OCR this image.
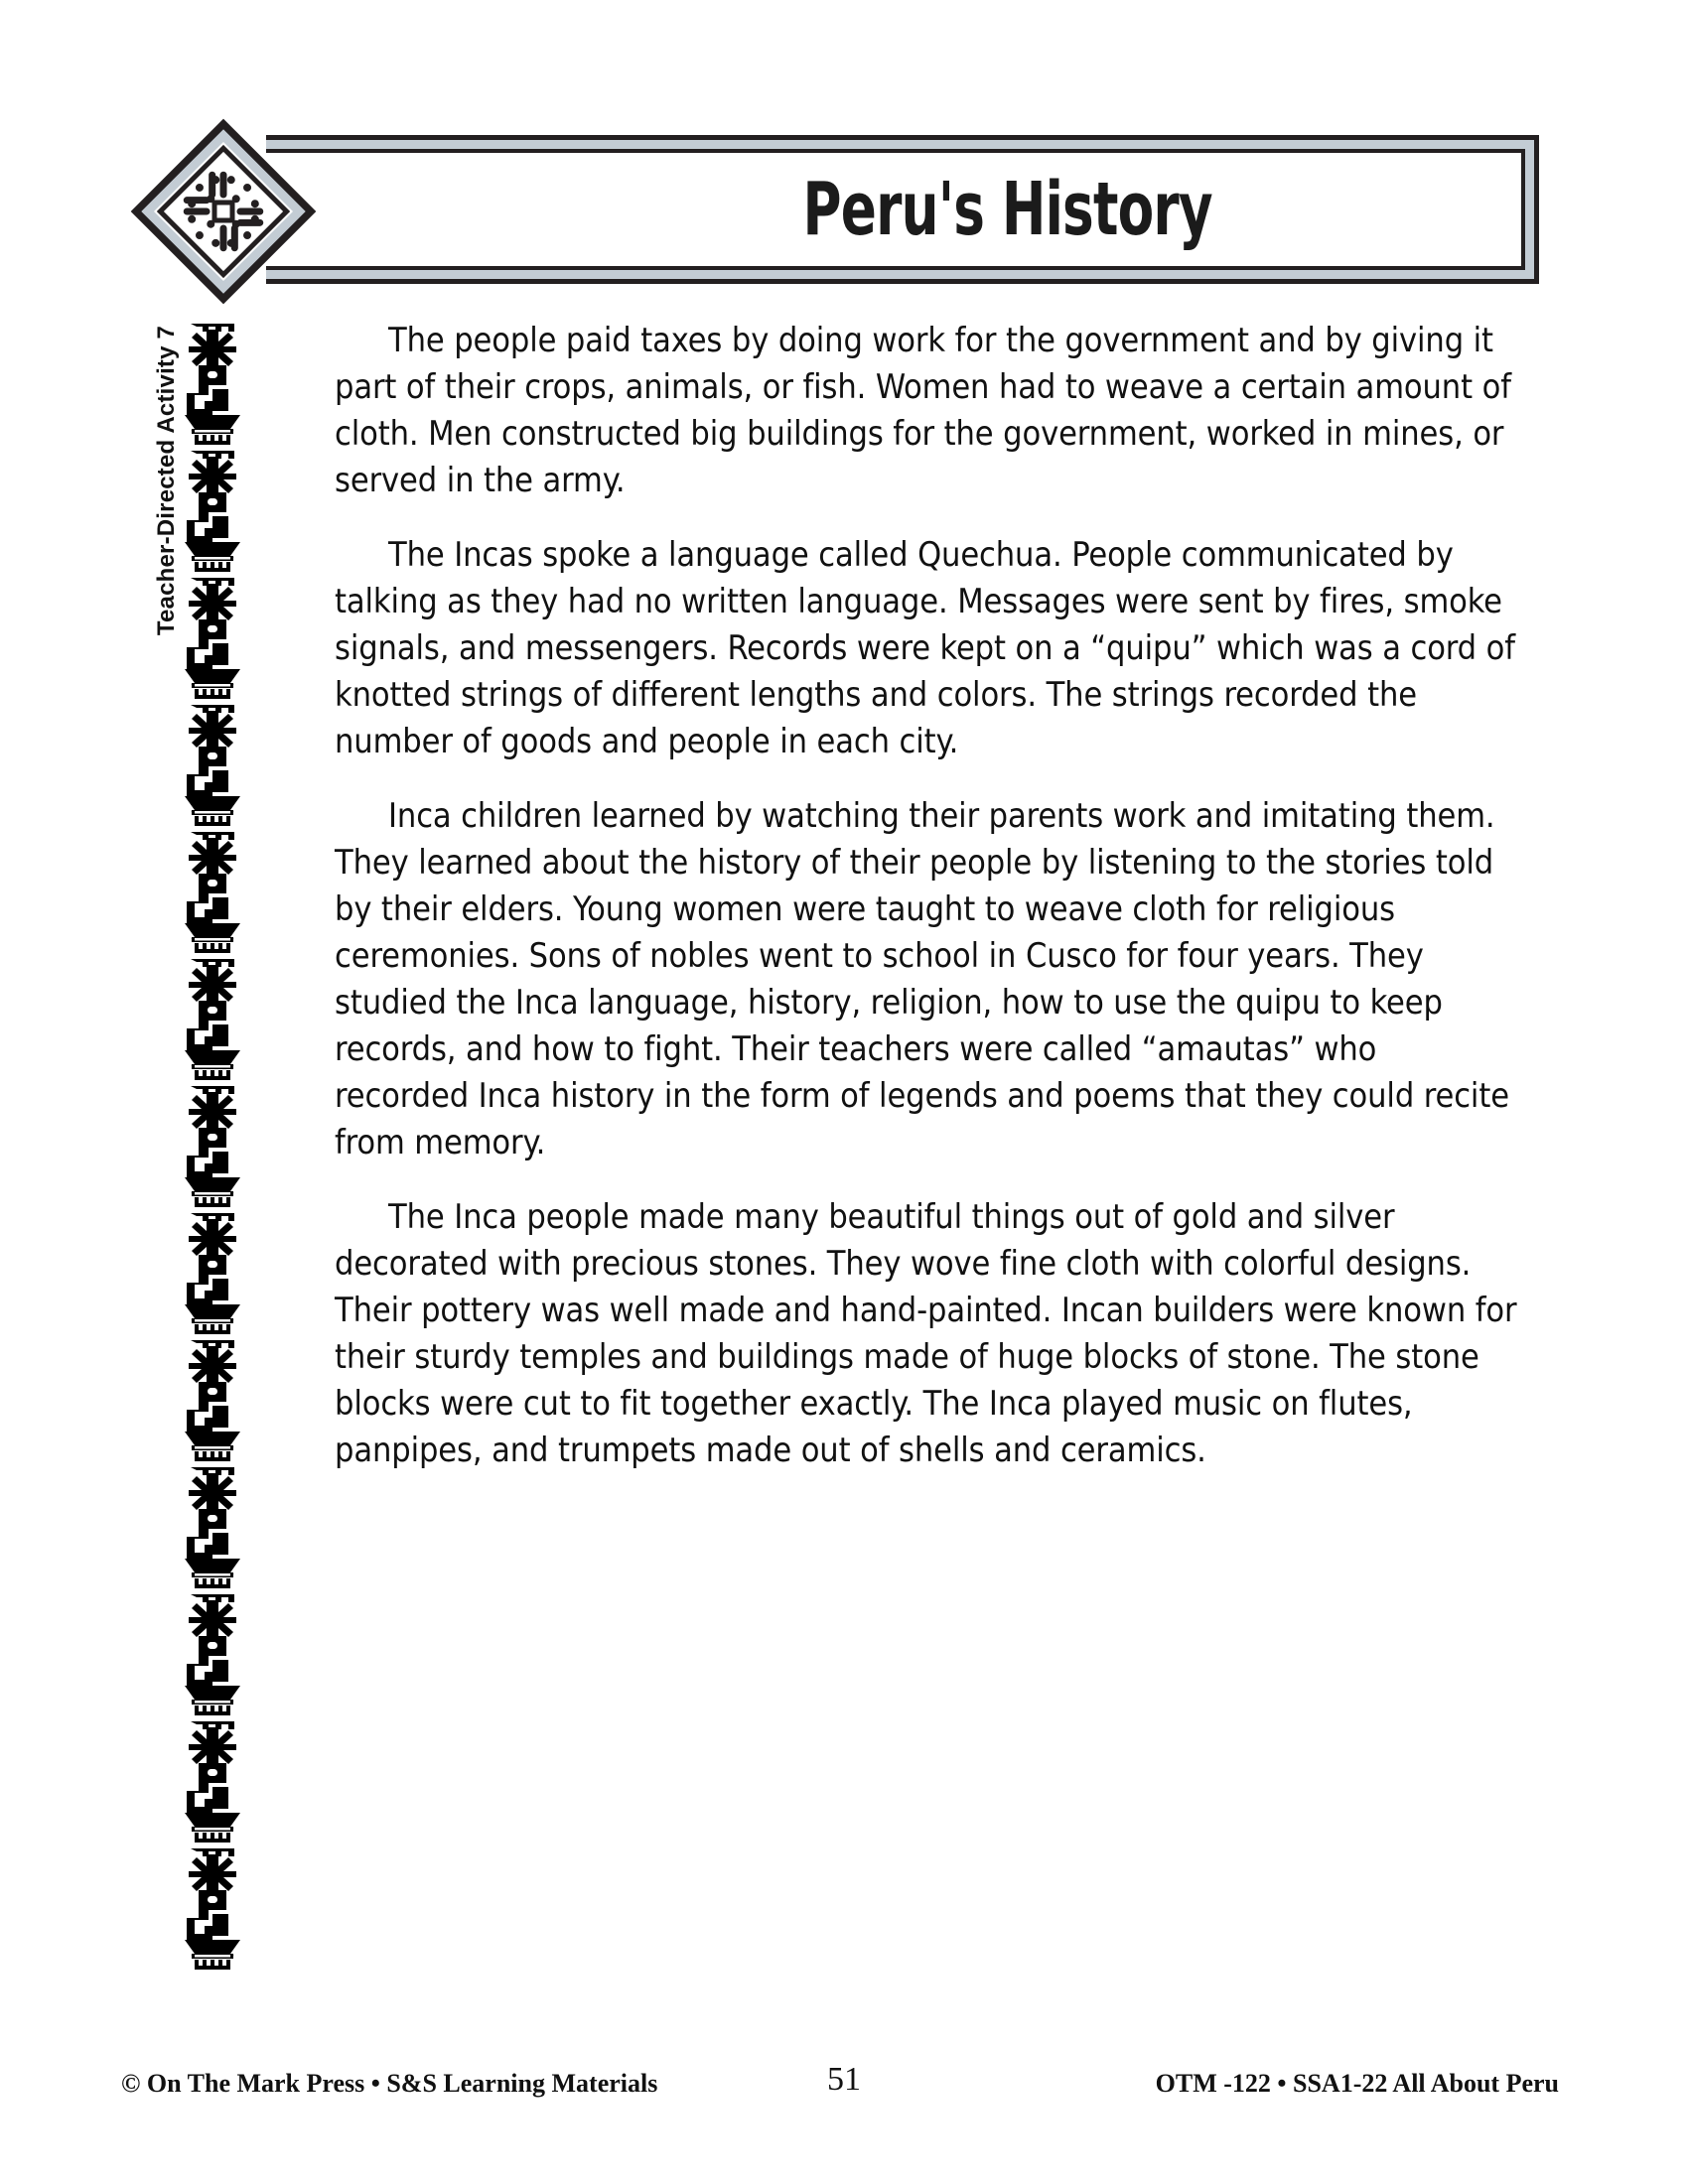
Peru's History
Teacher-Directed Activity 7	The people paid taxes by doing work for the government and by giving it part of their crops, animals, or fish. Women had to weave a certain amount of cloth. Men constructed big buildings for the government, worked in mines, or served in the army.

The Incas spoke a language called Quechua. People communicated by talking as they had no written language. Messages were sent by fires, smoke signals, and messengers. Records were kept on a “quipu” which was a cord of knotted strings of different lengths and colors. The strings recorded the number of goods and people in each city.

Inca children learned by watching their parents work and imitating them. They learned about the history of their people by listening to the stories told by their elders. Young women were taught to weave cloth for religious ceremonies. Sons of nobles went to school in Cusco for four years. They studied the Inca language, history, religion, how to use the quipu to keep records, and how to fight. Their teachers were called “amautas” who recorded Inca history in the form of legends and poems that they could recite from memory.

The Inca people made many beautiful things out of gold and silver decorated with precious stones. They wove fine cloth with colorful designs. Their pottery was well made and hand-painted. Incan builders were known for their sturdy temples and buildings made of huge blocks of stone. The stone blocks were cut to fit together exactly. The Inca played music on flutes, panpipes, and trumpets made out of shells and ceramics.

© On The Mark Press • S&S Learning Materials	51	OTM -122 • SSA1-22 All About Peru
